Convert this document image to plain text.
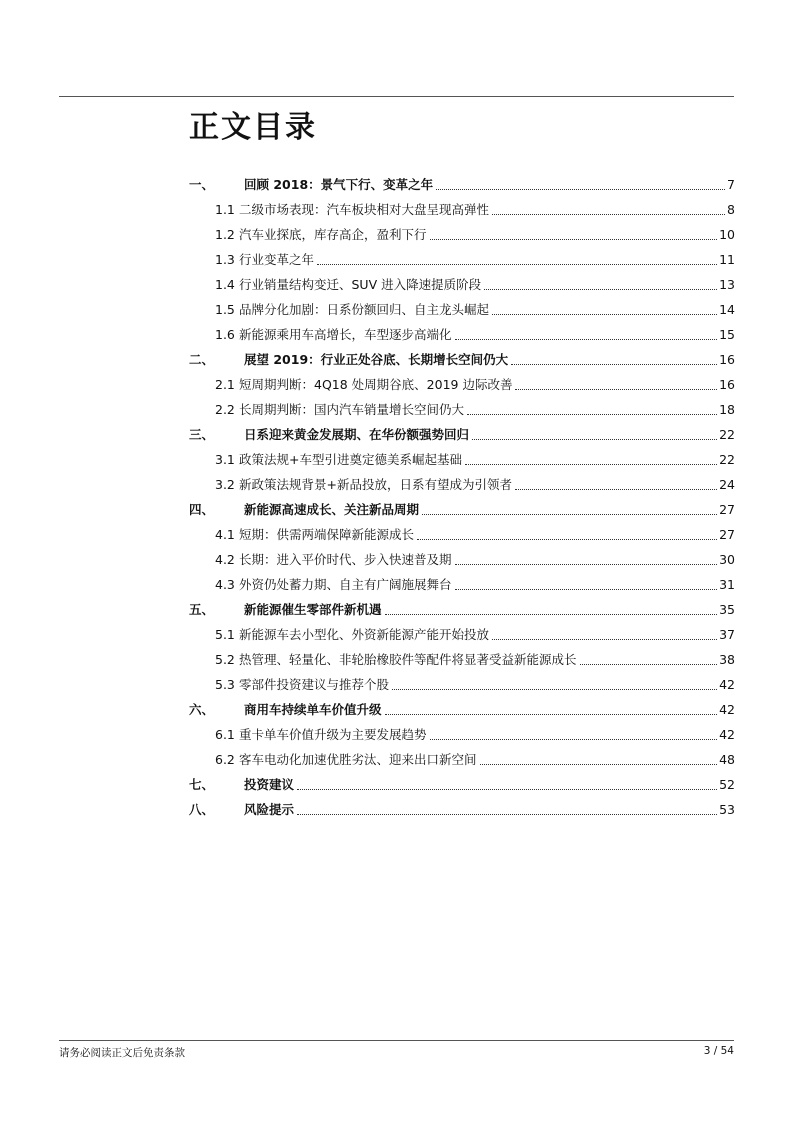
正文目录
一、	回顾 2018：景气下行、变革之年	7
1.1 二级市场表现：汽车板块相对大盘呈现高弹性	8
1.2 汽车业探底，库存高企，盈利下行	10
1.3 行业变革之年	11
1.4 行业销量结构变迁、SUV 进入降速提质阶段	13
1.5 品牌分化加剧：日系份额回归、自主龙头崛起	14
1.6 新能源乘用车高增长，车型逐步高端化	15
二、	展望 2019：行业正处谷底、长期增长空间仍大	16
2.1 短周期判断：4Q18 处周期谷底、2019 边际改善	16
2.2 长周期判断：国内汽车销量增长空间仍大	18
三、	日系迎来黄金发展期、在华份额强势回归	22
3.1 政策法规+车型引进奠定德美系崛起基础	22
3.2 新政策法规背景+新品投放，日系有望成为引领者	24
四、	新能源高速成长、关注新品周期	27
4.1 短期：供需两端保障新能源成长	27
4.2 长期：进入平价时代、步入快速普及期	30
4.3 外资仍处蓄力期、自主有广阔施展舞台	31
五、	新能源催生零部件新机遇	35
5.1 新能源车去小型化、外资新能源产能开始投放	37
5.2 热管理、轻量化、非轮胎橡胶件等配件将显著受益新能源成长	38
5.3 零部件投资建议与推荐个股	42
六、	商用车持续单车价值升级	42
6.1 重卡单车价值升级为主要发展趋势	42
6.2 客车电动化加速优胜劣汰、迎来出口新空间	48
七、	投资建议	52
八、	风险提示	53
请务必阅读正文后免责条款	3 / 54
